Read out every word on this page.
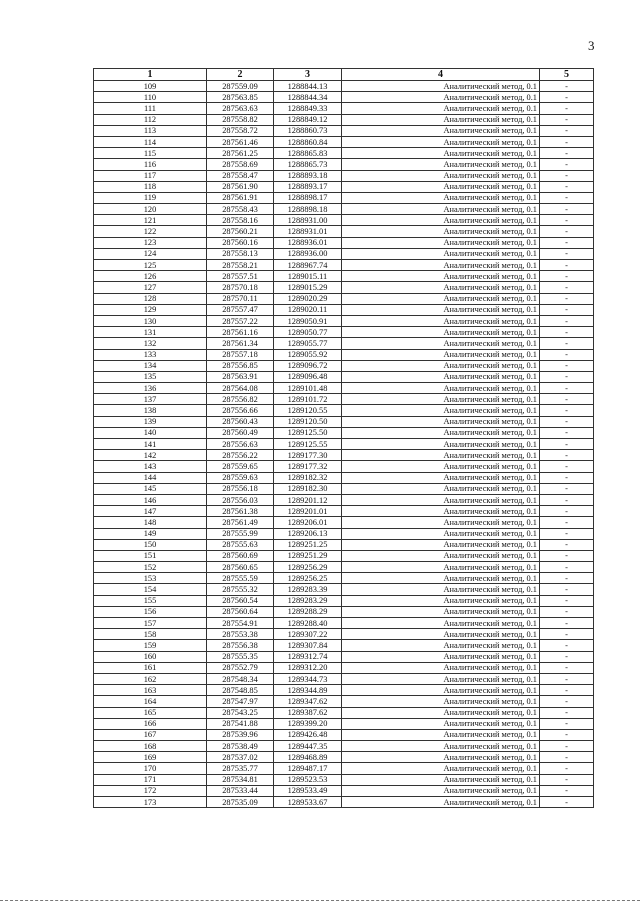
3
1	2	3	4	5
109	287559.09	1288844.13	Аналитический метод, 0.1	-
110	287563.85	1288844.34	Аналитический метод, 0.1	-
111	287563.63	1288849.33	Аналитический метод, 0.1	-
112	287558.82	1288849.12	Аналитический метод, 0.1	-
113	287558.72	1288860.73	Аналитический метод, 0.1	-
114	287561.46	1288860.84	Аналитический метод, 0.1	-
115	287561.25	1288865.83	Аналитический метод, 0.1	-
116	287558.69	1288865.73	Аналитический метод, 0.1	-
117	287558.47	1288893.18	Аналитический метод, 0.1	-
118	287561.90	1288893.17	Аналитический метод, 0.1	-
119	287561.91	1288898.17	Аналитический метод, 0.1	-
120	287558.43	1288898.18	Аналитический метод, 0.1	-
121	287558.16	1288931.00	Аналитический метод, 0.1	-
122	287560.21	1288931.01	Аналитический метод, 0.1	-
123	287560.16	1288936.01	Аналитический метод, 0.1	-
124	287558.13	1288936.00	Аналитический метод, 0.1	-
125	287558.21	1288967.74	Аналитический метод, 0.1	-
126	287557.51	1289015.11	Аналитический метод, 0.1	-
127	287570.18	1289015.29	Аналитический метод, 0.1	-
128	287570.11	1289020.29	Аналитический метод, 0.1	-
129	287557.47	1289020.11	Аналитический метод, 0.1	-
130	287557.22	1289050.91	Аналитический метод, 0.1	-
131	287561.16	1289050.77	Аналитический метод, 0.1	-
132	287561.34	1289055.77	Аналитический метод, 0.1	-
133	287557.18	1289055.92	Аналитический метод, 0.1	-
134	287556.85	1289096.72	Аналитический метод, 0.1	-
135	287563.91	1289096.48	Аналитический метод, 0.1	-
136	287564.08	1289101.48	Аналитический метод, 0.1	-
137	287556.82	1289101.72	Аналитический метод, 0.1	-
138	287556.66	1289120.55	Аналитический метод, 0.1	-
139	287560.43	1289120.50	Аналитический метод, 0.1	-
140	287560.49	1289125.50	Аналитический метод, 0.1	-
141	287556.63	1289125.55	Аналитический метод, 0.1	-
142	287556.22	1289177.30	Аналитический метод, 0.1	-
143	287559.65	1289177.32	Аналитический метод, 0.1	-
144	287559.63	1289182.32	Аналитический метод, 0.1	-
145	287556.18	1289182.30	Аналитический метод, 0.1	-
146	287556.03	1289201.12	Аналитический метод, 0.1	-
147	287561.38	1289201.01	Аналитический метод, 0.1	-
148	287561.49	1289206.01	Аналитический метод, 0.1	-
149	287555.99	1289206.13	Аналитический метод, 0.1	-
150	287555.63	1289251.25	Аналитический метод, 0.1	-
151	287560.69	1289251.29	Аналитический метод, 0.1	-
152	287560.65	1289256.29	Аналитический метод, 0.1	-
153	287555.59	1289256.25	Аналитический метод, 0.1	-
154	287555.32	1289283.39	Аналитический метод, 0.1	-
155	287560.54	1289283.29	Аналитический метод, 0.1	-
156	287560.64	1289288.29	Аналитический метод, 0.1	-
157	287554.91	1289288.40	Аналитический метод, 0.1	-
158	287553.38	1289307.22	Аналитический метод, 0.1	-
159	287556.38	1289307.84	Аналитический метод, 0.1	-
160	287555.35	1289312.74	Аналитический метод, 0.1	-
161	287552.79	1289312.20	Аналитический метод, 0.1	-
162	287548.34	1289344.73	Аналитический метод, 0.1	-
163	287548.85	1289344.89	Аналитический метод, 0.1	-
164	287547.97	1289347.62	Аналитический метод, 0.1	-
165	287543.25	1289387.62	Аналитический метод, 0.1	-
166	287541.88	1289399.20	Аналитический метод, 0.1	-
167	287539.96	1289426.48	Аналитический метод, 0.1	-
168	287538.49	1289447.35	Аналитический метод, 0.1	-
169	287537.02	1289468.89	Аналитический метод, 0.1	-
170	287535.77	1289487.17	Аналитический метод, 0.1	-
171	287534.81	1289523.53	Аналитический метод, 0.1	-
172	287533.44	1289533.49	Аналитический метод, 0.1	-
173	287535.09	1289533.67	Аналитический метод, 0.1	-
